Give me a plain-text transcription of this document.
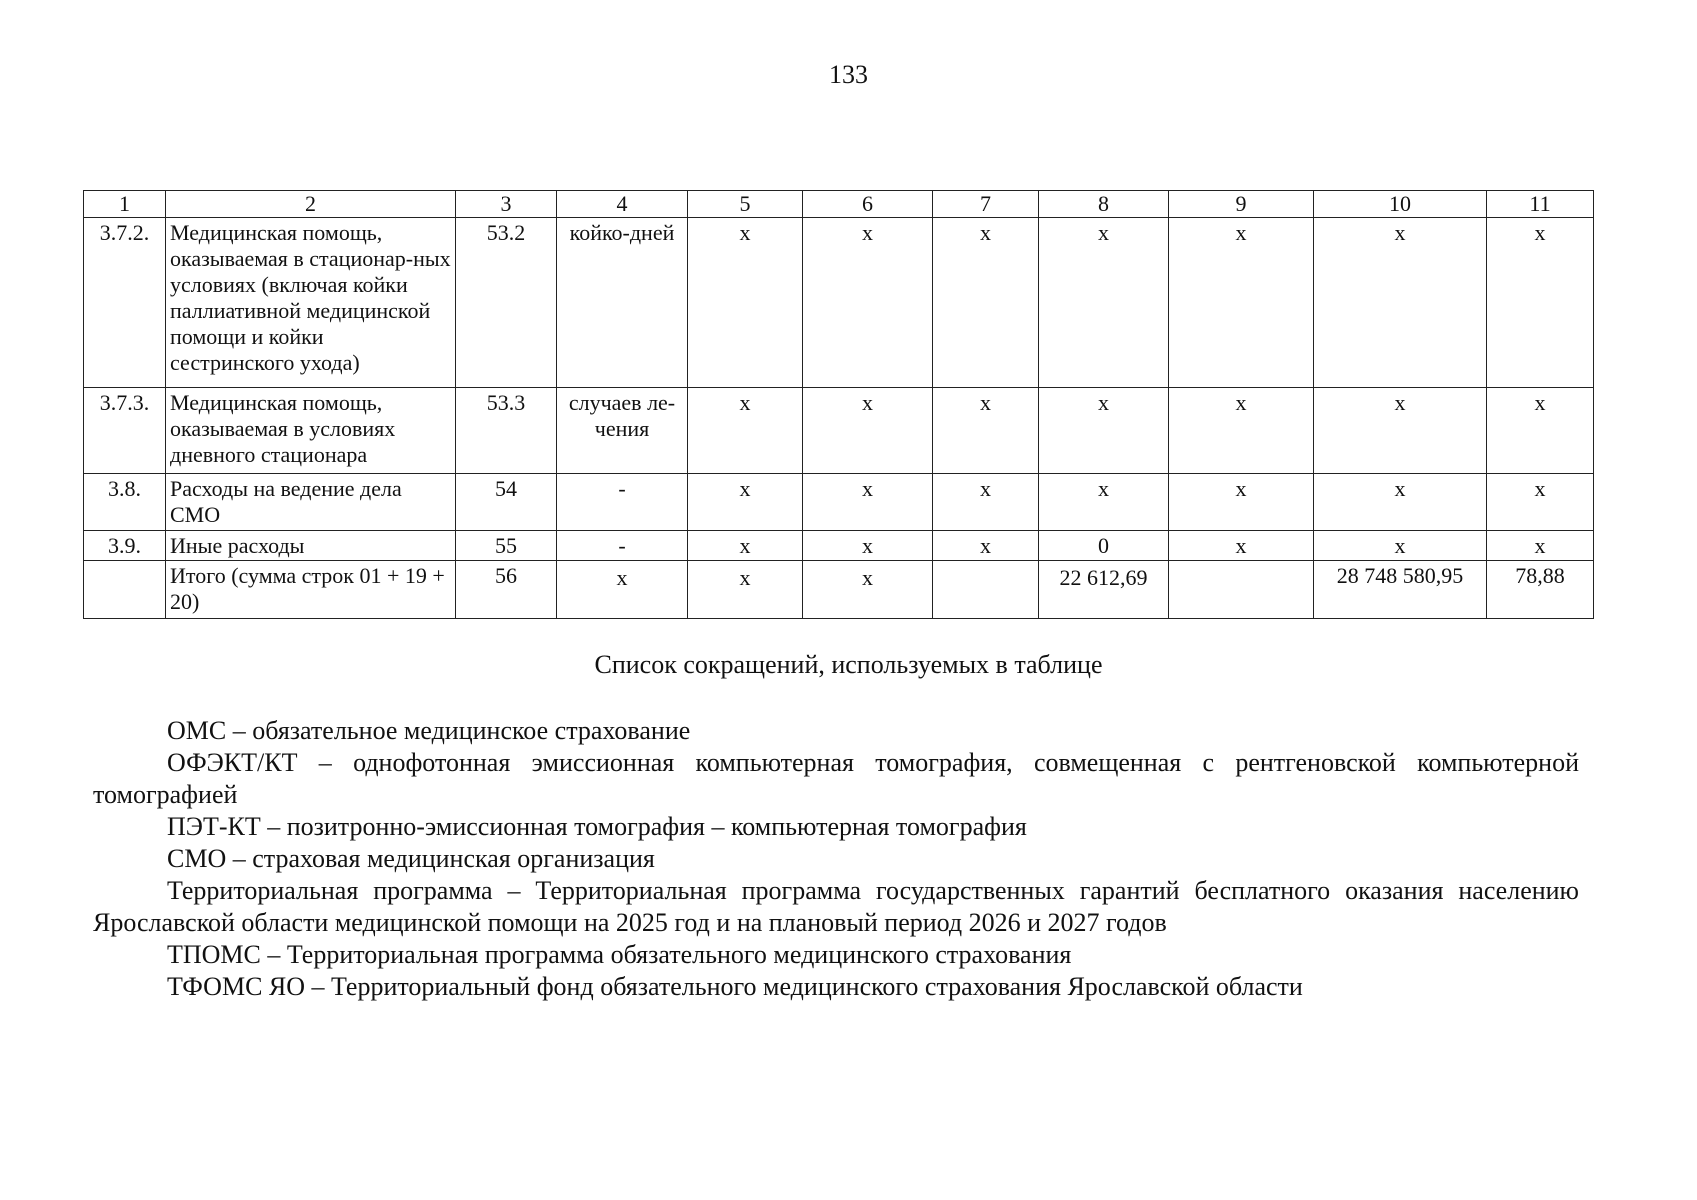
133
1	2	3	4	5	6	7	8	9	10	11
3.7.2.	Медицинская помощь, оказываемая в стационар-ных условиях (включая койки паллиативной медицинской помощи и койки сестринского ухода)	53.2	койко-дней	х	х	х	х	х	х	х
3.7.3.	Медицинская помощь, оказываемая в условиях дневного стационара	53.3	случаев ле-чения	х	х	х	х	х	х	х
3.8.	Расходы на ведение дела СМО	54	-	х	х	х	х	х	х	х
3.9.	Иные расходы	55	-	х	х	х	0	х	х	х
	Итого (сумма строк 01 + 19 + 20)	56	х	х	х		22 612,69		28 748 580,95	78,88
Список сокращений, используемых в таблице

ОМС – обязательное медицинское страхование

ОФЭКТ/КТ – однофотонная эмиссионная компьютерная томография, совмещенная с рентгеновской компьютерной томографией

ПЭТ-КТ – позитронно-эмиссионная томография – компьютерная томография

СМО – страховая медицинская организация

Территориальная программа – Территориальная программа государственных гарантий бесплатного оказания населению Ярославской области медицинской помощи на 2025 год и на плановый период 2026 и 2027 годов

ТПОМС – Территориальная программа обязательного медицинского страхования

ТФОМС ЯО – Территориальный фонд обязательного медицинского страхования Ярославской области
